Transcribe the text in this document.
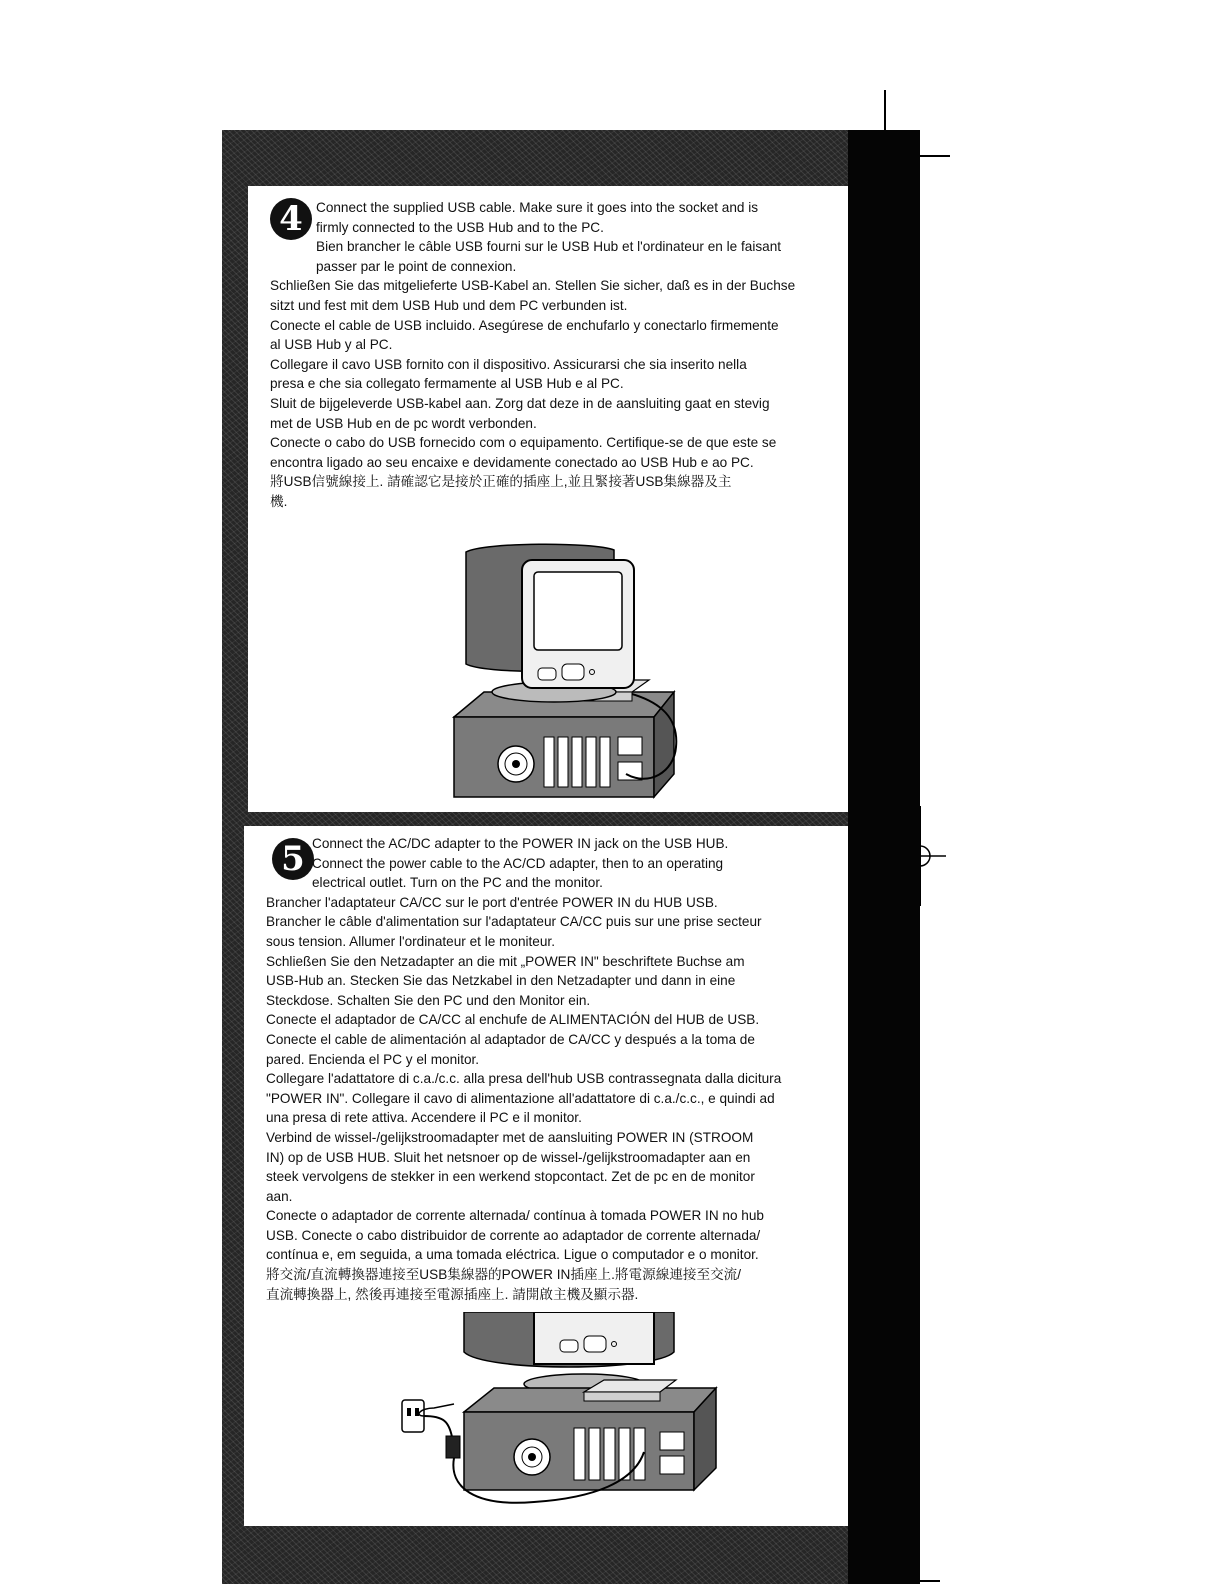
4 Connect the supplied USB cable. Make sure it goes into the socket and is

firmly connected to the USB Hub and to the PC.

Bien brancher le câble USB fourni sur le USB Hub et l'ordinateur en le faisant

passer par le point de connexion.

Schließen Sie das mitgelieferte USB-Kabel an. Stellen Sie sicher, daß es in der Buchse

sitzt und fest mit dem USB Hub und dem PC verbunden ist.

Conecte el cable de USB incluido. Asegúrese de enchufarlo y conectarlo firmemente

al USB Hub y al PC.

Collegare il cavo USB fornito con il dispositivo. Assicurarsi che sia inserito nella

presa e che sia collegato fermamente al USB Hub e al PC.

Sluit de bijgeleverde USB-kabel aan. Zorg dat deze in de aansluiting gaat en stevig

met de USB Hub en de pc wordt verbonden.

Conecte o cabo do USB fornecido com o equipamento. Certifique-se de que este se

encontra ligado ao seu encaixe e devidamente conectado ao USB Hub e ao PC.

將USB信號線接上. 請確認它是接於正確的插座上,並且緊接著USB集線器及主

機.

5 Connect the AC/DC adapter to the POWER IN jack on the USB HUB.

Connect the power cable to the AC/CD adapter, then to an operating

electrical outlet. Turn on the PC and the monitor.

Brancher l'adaptateur CA/CC sur le port d'entrée POWER IN du HUB USB.

Brancher le câble d'alimentation sur l'adaptateur CA/CC puis sur une prise secteur

sous tension. Allumer l'ordinateur et le moniteur.

Schließen Sie den Netzadapter an die mit „POWER IN" beschriftete Buchse am

USB-Hub an. Stecken Sie das Netzkabel in den Netzadapter und dann in eine

Steckdose. Schalten Sie den PC und den Monitor ein.

Conecte el adaptador de CA/CC al enchufe de ALIMENTACIÓN del HUB de USB.

Conecte el cable de alimentación al adaptador de CA/CC y después a la toma de

pared. Encienda el PC y el monitor.

Collegare l'adattatore di c.a./c.c. alla presa dell'hub USB contrassegnata dalla dicitura

"POWER IN". Collegare il cavo di alimentazione all'adattatore di c.a./c.c., e quindi ad

una presa di rete attiva. Accendere il PC e il monitor.

Verbind de wissel-/gelijkstroomadapter met de aansluiting POWER IN (STROOM

IN) op de USB HUB. Sluit het netsnoer op de wissel-/gelijkstroomadapter aan en

steek vervolgens de stekker in een werkend stopcontact. Zet de pc en de monitor

aan.

Conecte o adaptador de corrente alternada/ contínua à tomada POWER IN no hub

USB. Conecte o cabo distribuidor de corrente ao adaptador de corrente alternada/

contínua e, em seguida, a uma tomada eléctrica. Ligue o computador e o monitor.

將交流/直流轉換器連接至USB集線器的POWER IN插座上.將電源線連接至交流/

直流轉換器上, 然後再連接至電源插座上. 請開啟主機及顯示器.
